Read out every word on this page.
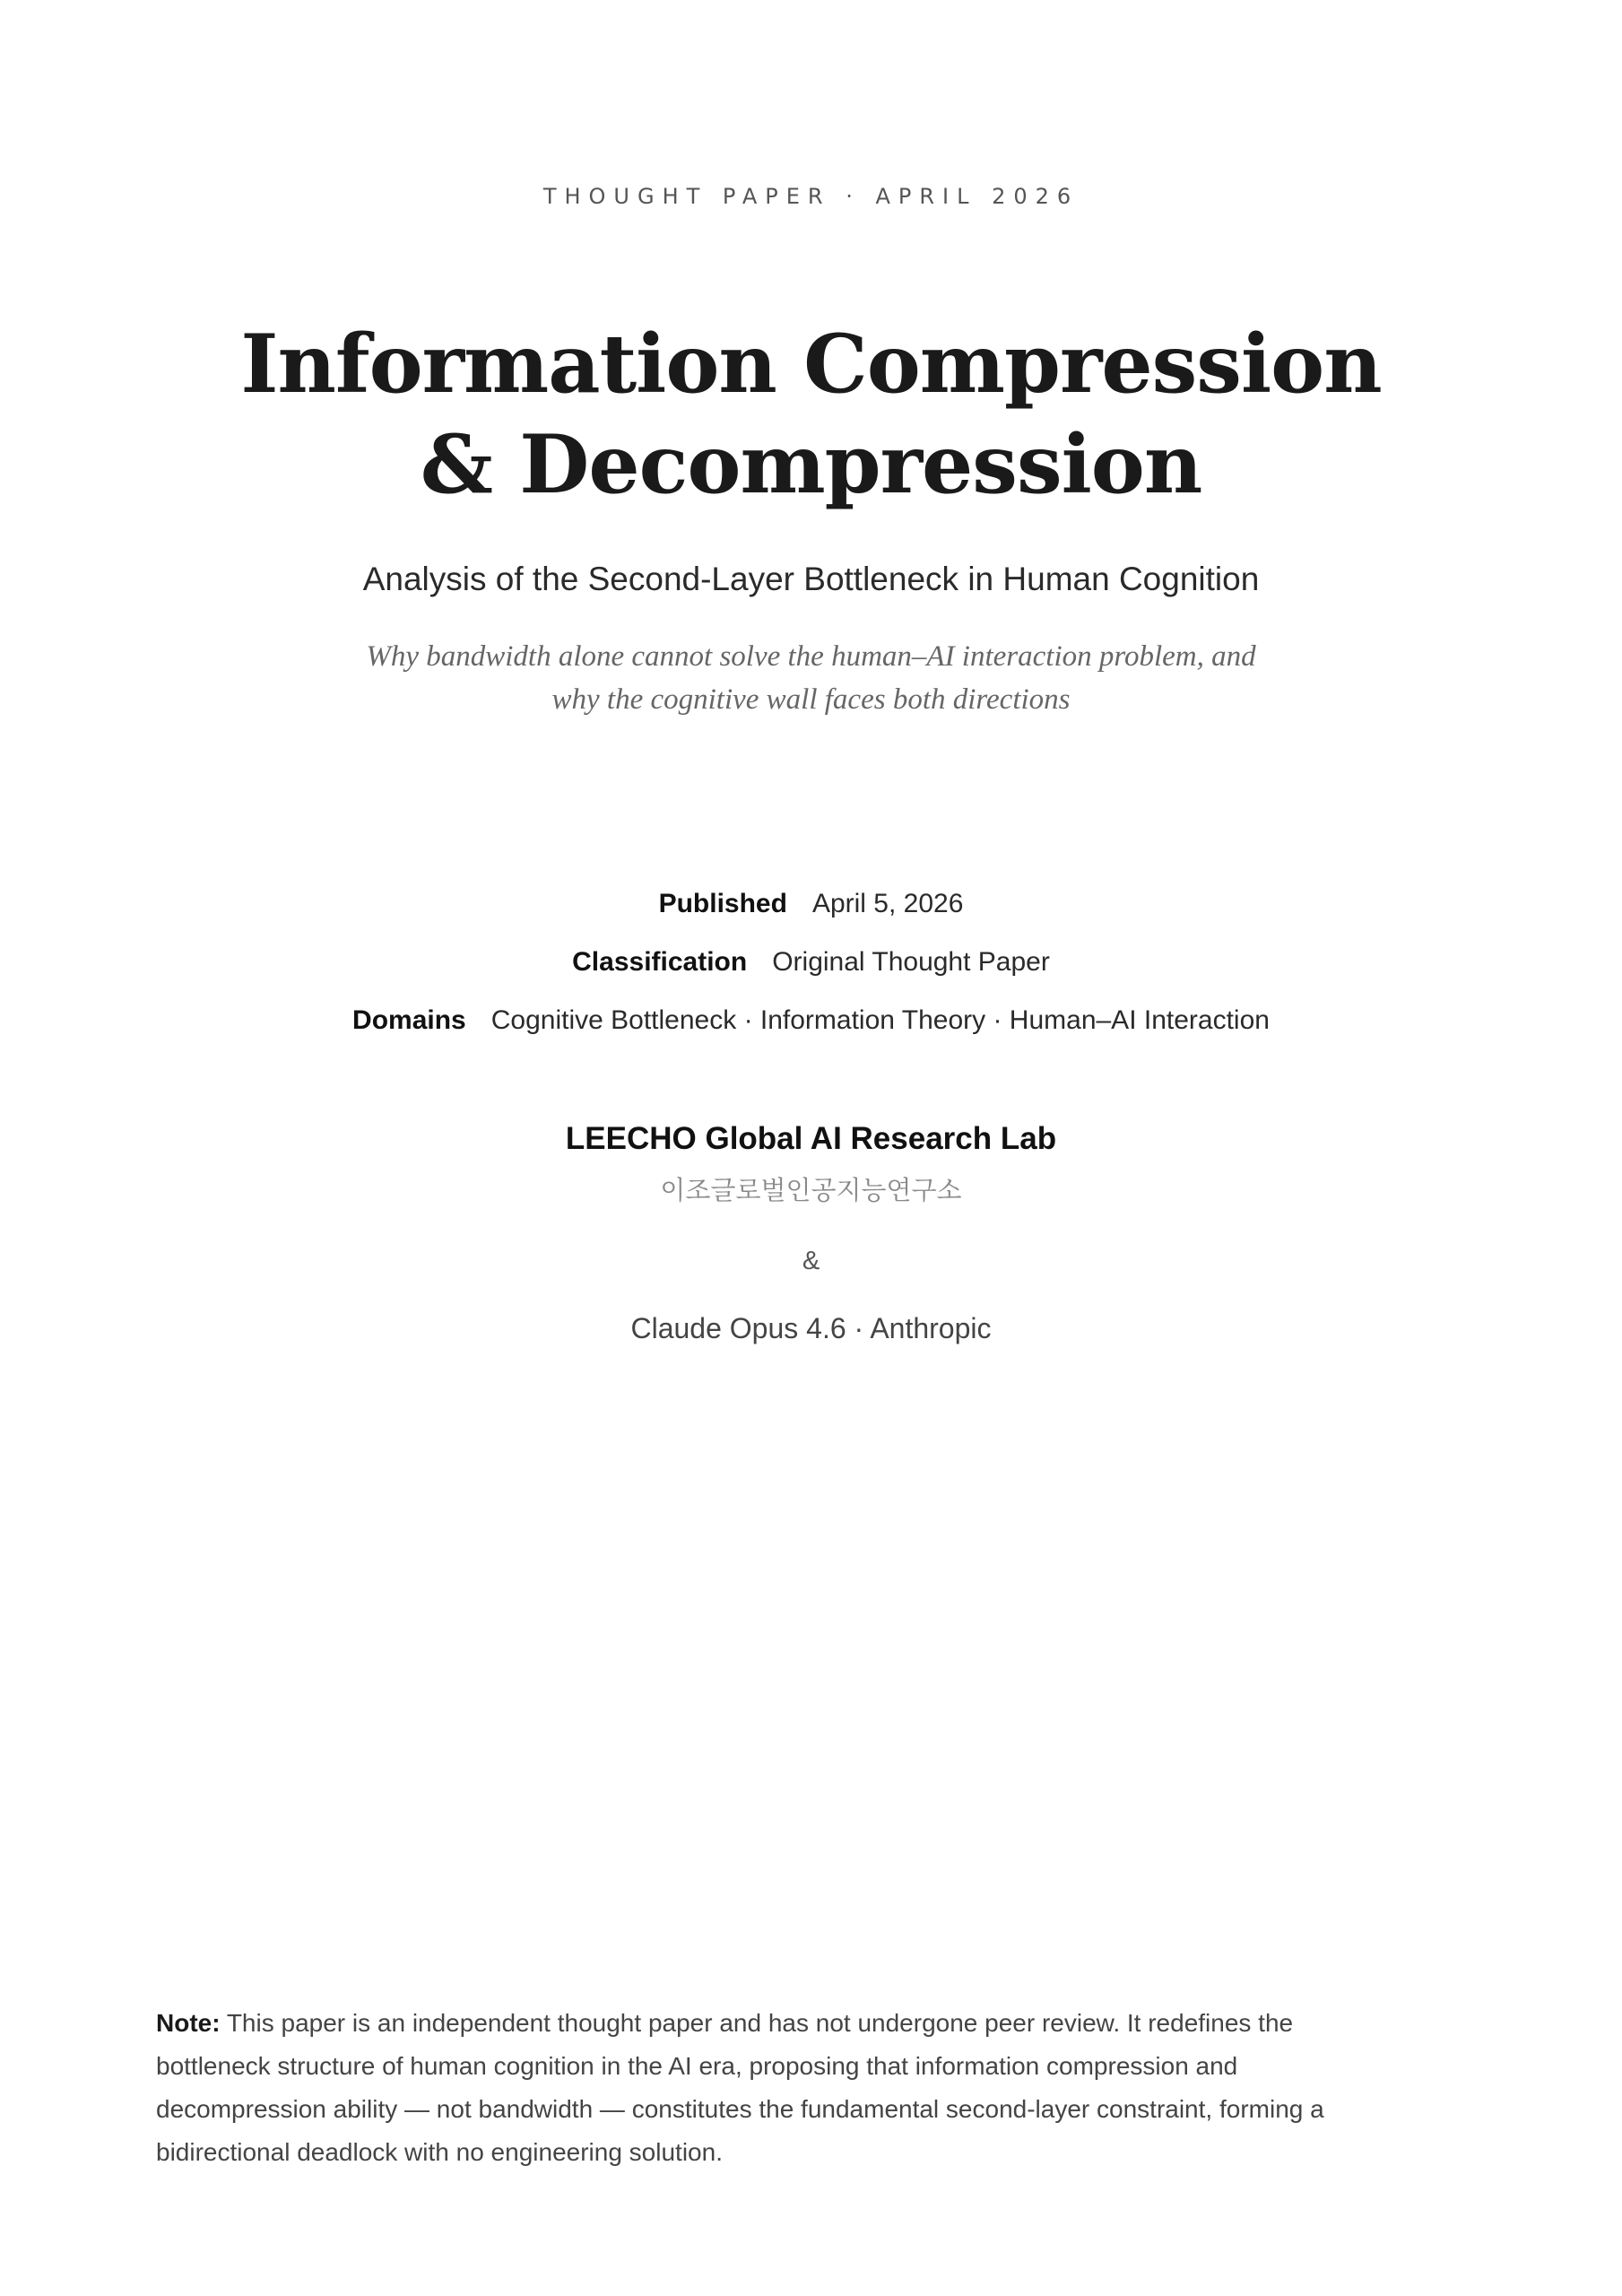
THOUGHT PAPER · APRIL 2026
Information Compression
& Decompression
Analysis of the Second-Layer Bottleneck in Human Cognition
Why bandwidth alone cannot solve the human–AI interaction problem, and
why the cognitive wall faces both directions
Published April 5, 2026
Classification Original Thought Paper
Domains Cognitive Bottleneck · Information Theory · Human–AI Interaction
LEECHO Global AI Research Lab
이조글로벌인공지능연구소
&
Claude Opus 4.6 · Anthropic

Note: This paper is an independent thought paper and has not undergone peer review. It redefines the bottleneck structure of human cognition in the AI era, proposing that information compression and decompression ability — not bandwidth — constitutes the fundamental second-layer constraint, forming a bidirectional deadlock with no engineering solution.
